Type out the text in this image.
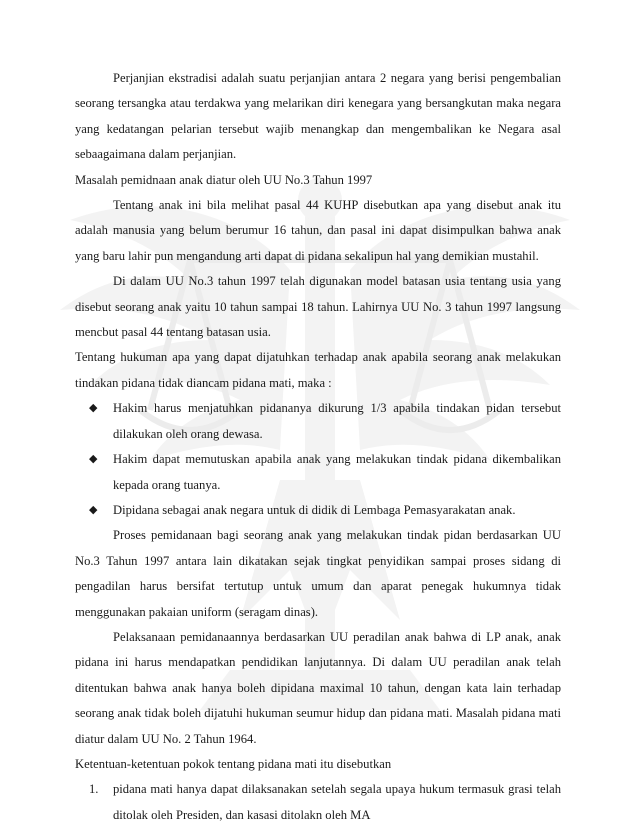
Perjanjian ekstradisi adalah suatu perjanjian antara 2 negara yang berisi pengembalian seorang tersangka atau terdakwa yang melarikan diri kenegara yang bersangkutan maka negara yang kedatangan pelarian tersebut wajib menangkap dan mengembalikan ke Negara asal sebaagaimana dalam perjanjian.

Masalah pemidnaan anak diatur oleh UU No.3 Tahun 1997

Tentang anak ini bila melihat pasal 44 KUHP disebutkan apa yang disebut anak itu adalah manusia yang belum berumur 16 tahun, dan pasal ini dapat disimpulkan bahwa anak yang baru lahir pun mengandung arti dapat di pidana sekalipun hal yang demikian mustahil.

Di dalam UU No.3 tahun 1997 telah digunakan model batasan usia tentang usia yang disebut seorang anak yaitu 10 tahun sampai 18 tahun. Lahirnya UU No. 3 tahun 1997 langsung mencbut pasal 44 tentang batasan usia.

Tentang hukuman apa yang dapat dijatuhkan terhadap anak apabila seorang anak melakukan tindakan pidana tidak diancam pidana mati, maka :

◆ Hakim harus menjatuhkan pidananya dikurung 1/3 apabila tindakan pidan tersebut dilakukan oleh orang dewasa.
◆ Hakim dapat memutuskan apabila anak yang melakukan tindak pidana dikembalikan kepada orang tuanya.
◆ Dipidana sebagai anak negara untuk di didik di Lembaga Pemasyarakatan anak.

Proses pemidanaan bagi seorang anak yang melakukan tindak pidan berdasarkan UU No.3 Tahun 1997 antara lain dikatakan sejak tingkat penyidikan sampai proses sidang di pengadilan harus bersifat tertutup untuk umum dan aparat penegak hukumnya tidak menggunakan pakaian uniform (seragam dinas).

Pelaksanaan pemidanaannya berdasarkan UU peradilan anak bahwa di LP anak, anak pidana ini harus mendapatkan pendidikan lanjutannya. Di dalam UU peradilan anak telah ditentukan bahwa anak hanya boleh dipidana maximal 10 tahun, dengan kata lain terhadap seorang anak tidak boleh dijatuhi hukuman seumur hidup dan pidana mati. Masalah pidana mati diatur dalam UU No. 2 Tahun 1964.

Ketentuan-ketentuan pokok tentang pidana mati itu disebutkan

1. pidana mati hanya dapat dilaksanakan setelah segala upaya hukum termasuk grasi telah ditolak oleh Presiden, dan kasasi ditolakn oleh MA
